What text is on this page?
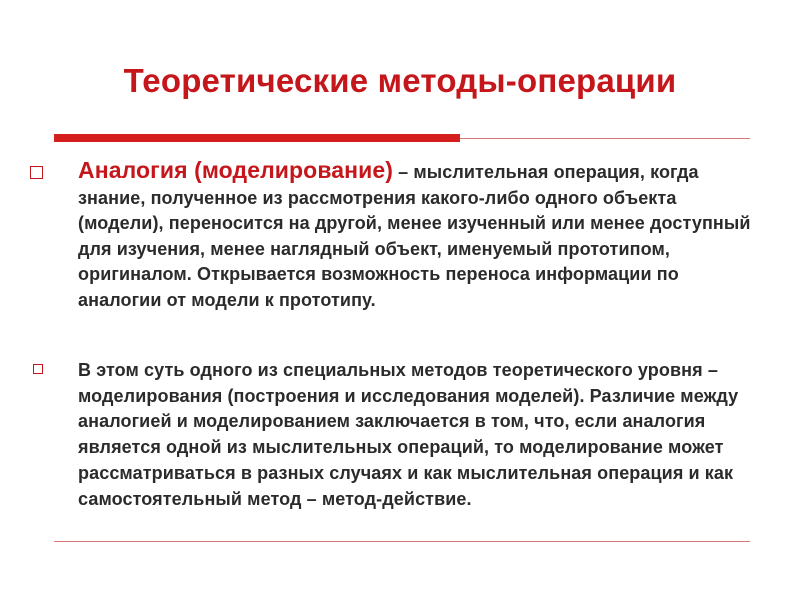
Теоретические методы-операции
Аналогия (моделирование) – мыслительная операция, когда знание, полученное из рассмотрения какого-либо одного объекта (модели), переносится на другой, менее изученный или менее доступный для изучения, менее наглядный объект, именуемый прототипом, оригиналом. Открывается возможность переноса информации по аналогии от модели к прототипу.
В этом суть одного из специальных методов теоретического уровня – моделирования (построения и исследования моделей). Различие между аналогией и моделированием заключается в том, что, если аналогия является одной из мыслительных операций, то моделирование может рассматриваться в разных случаях и как мыслительная операция и как самостоятельный метод – метод-действие.
